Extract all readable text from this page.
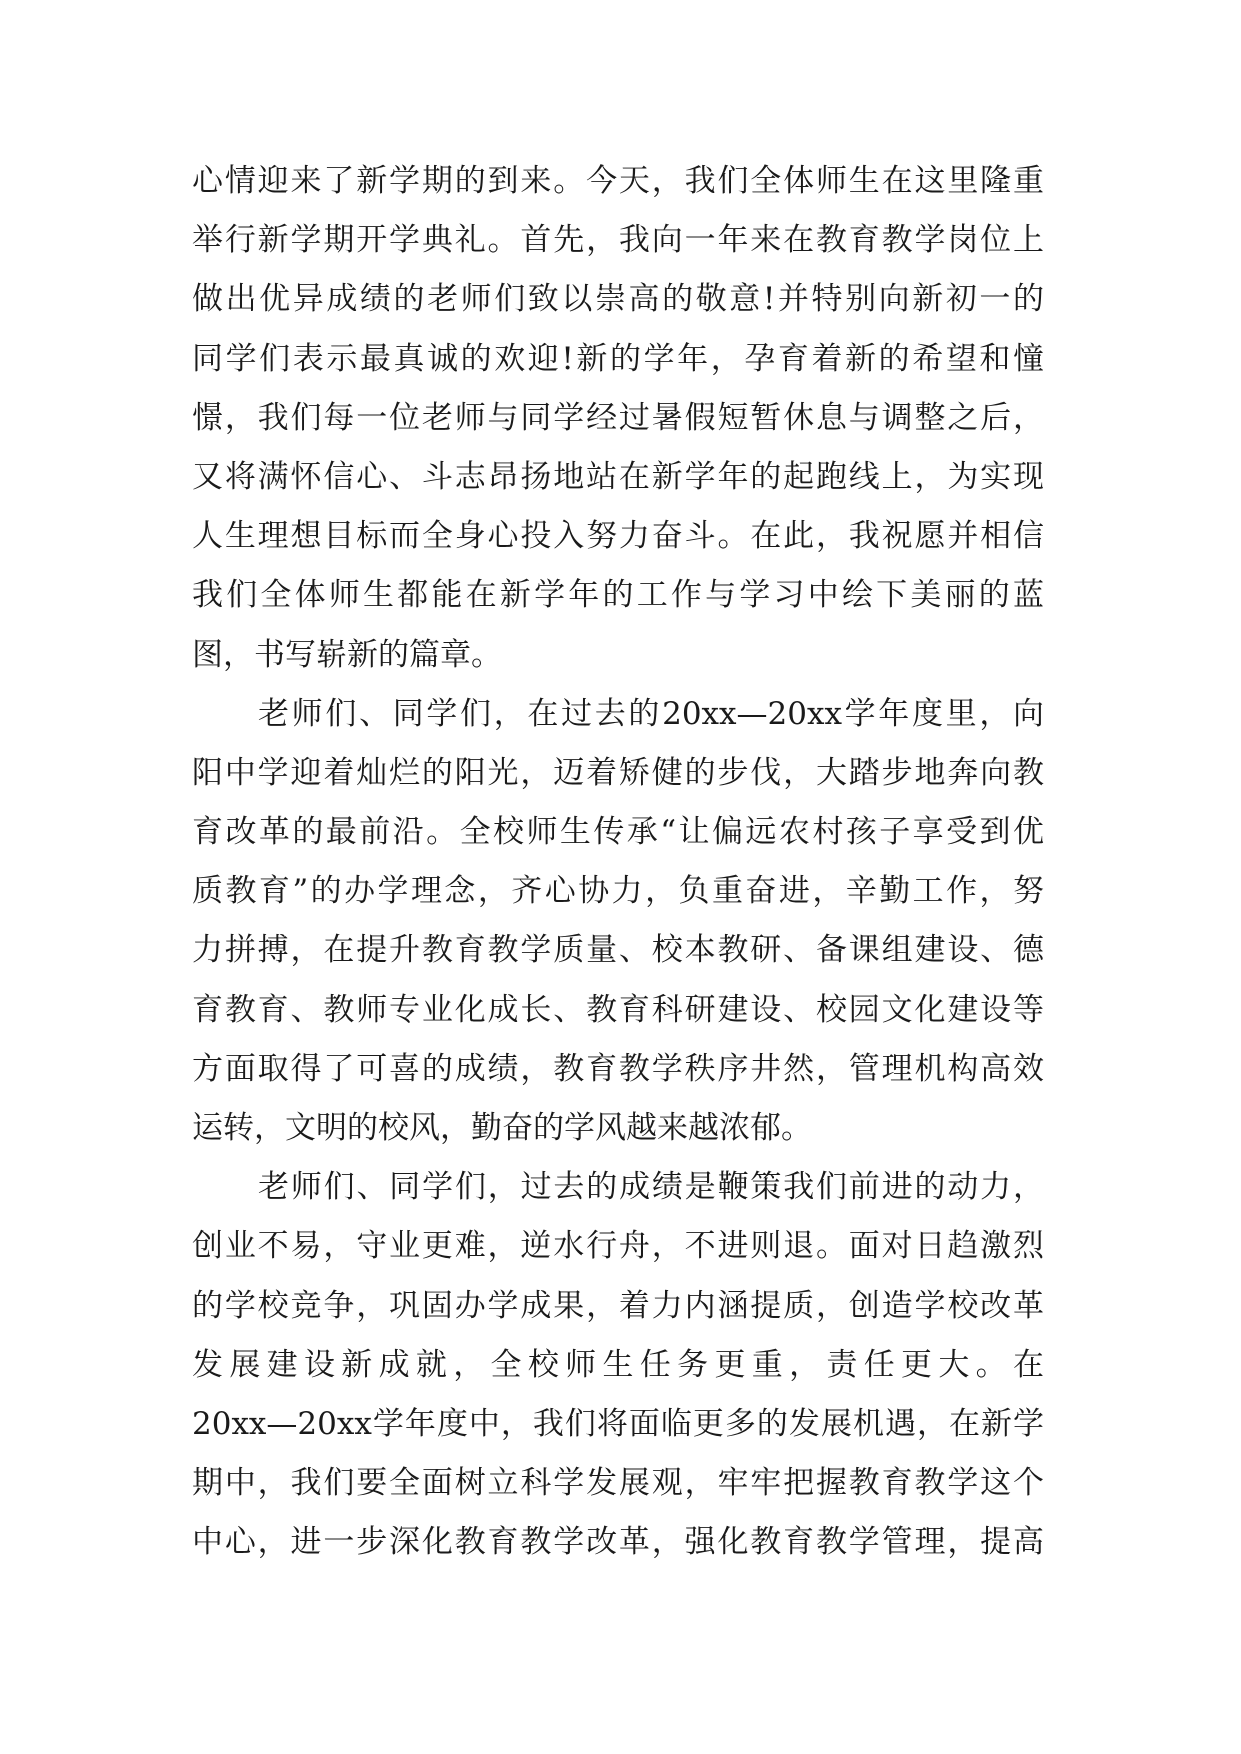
心情迎来了新学期的到来。今天，我们全体师生在这里隆重
举行新学期开学典礼。首先，我向一年来在教育教学岗位上
做出优异成绩的老师们致以崇高的敬意!并特别向新初一的
同学们表示最真诚的欢迎!新的学年，孕育着新的希望和憧
憬，我们每一位老师与同学经过暑假短暂休息与调整之后，
又将满怀信心、斗志昂扬地站在新学年的起跑线上，为实现
人生理想目标而全身心投入努力奋斗。在此，我祝愿并相信
我们全体师生都能在新学年的工作与学习中绘下美丽的蓝
图，书写崭新的篇章。
老师们、同学们，在过去的20xx—20xx学年度里，向
阳中学迎着灿烂的阳光，迈着矫健的步伐，大踏步地奔向教
育改革的最前沿。全校师生传承“让偏远农村孩子享受到优
质教育”的办学理念，齐心协力，负重奋进，辛勤工作，努
力拼搏，在提升教育教学质量、校本教研、备课组建设、德
育教育、教师专业化成长、教育科研建设、校园文化建设等
方面取得了可喜的成绩，教育教学秩序井然，管理机构高效
运转，文明的校风，勤奋的学风越来越浓郁。
老师们、同学们，过去的成绩是鞭策我们前进的动力，
创业不易，守业更难，逆水行舟，不进则退。面对日趋激烈
的学校竞争，巩固办学成果，着力内涵提质，创造学校改革
发展建设新成就，全校师生任务更重，责任更大。在
20xx—20xx学年度中，我们将面临更多的发展机遇，在新学
期中，我们要全面树立科学发展观，牢牢把握教育教学这个
中心，进一步深化教育教学改革，强化教育教学管理，提高
